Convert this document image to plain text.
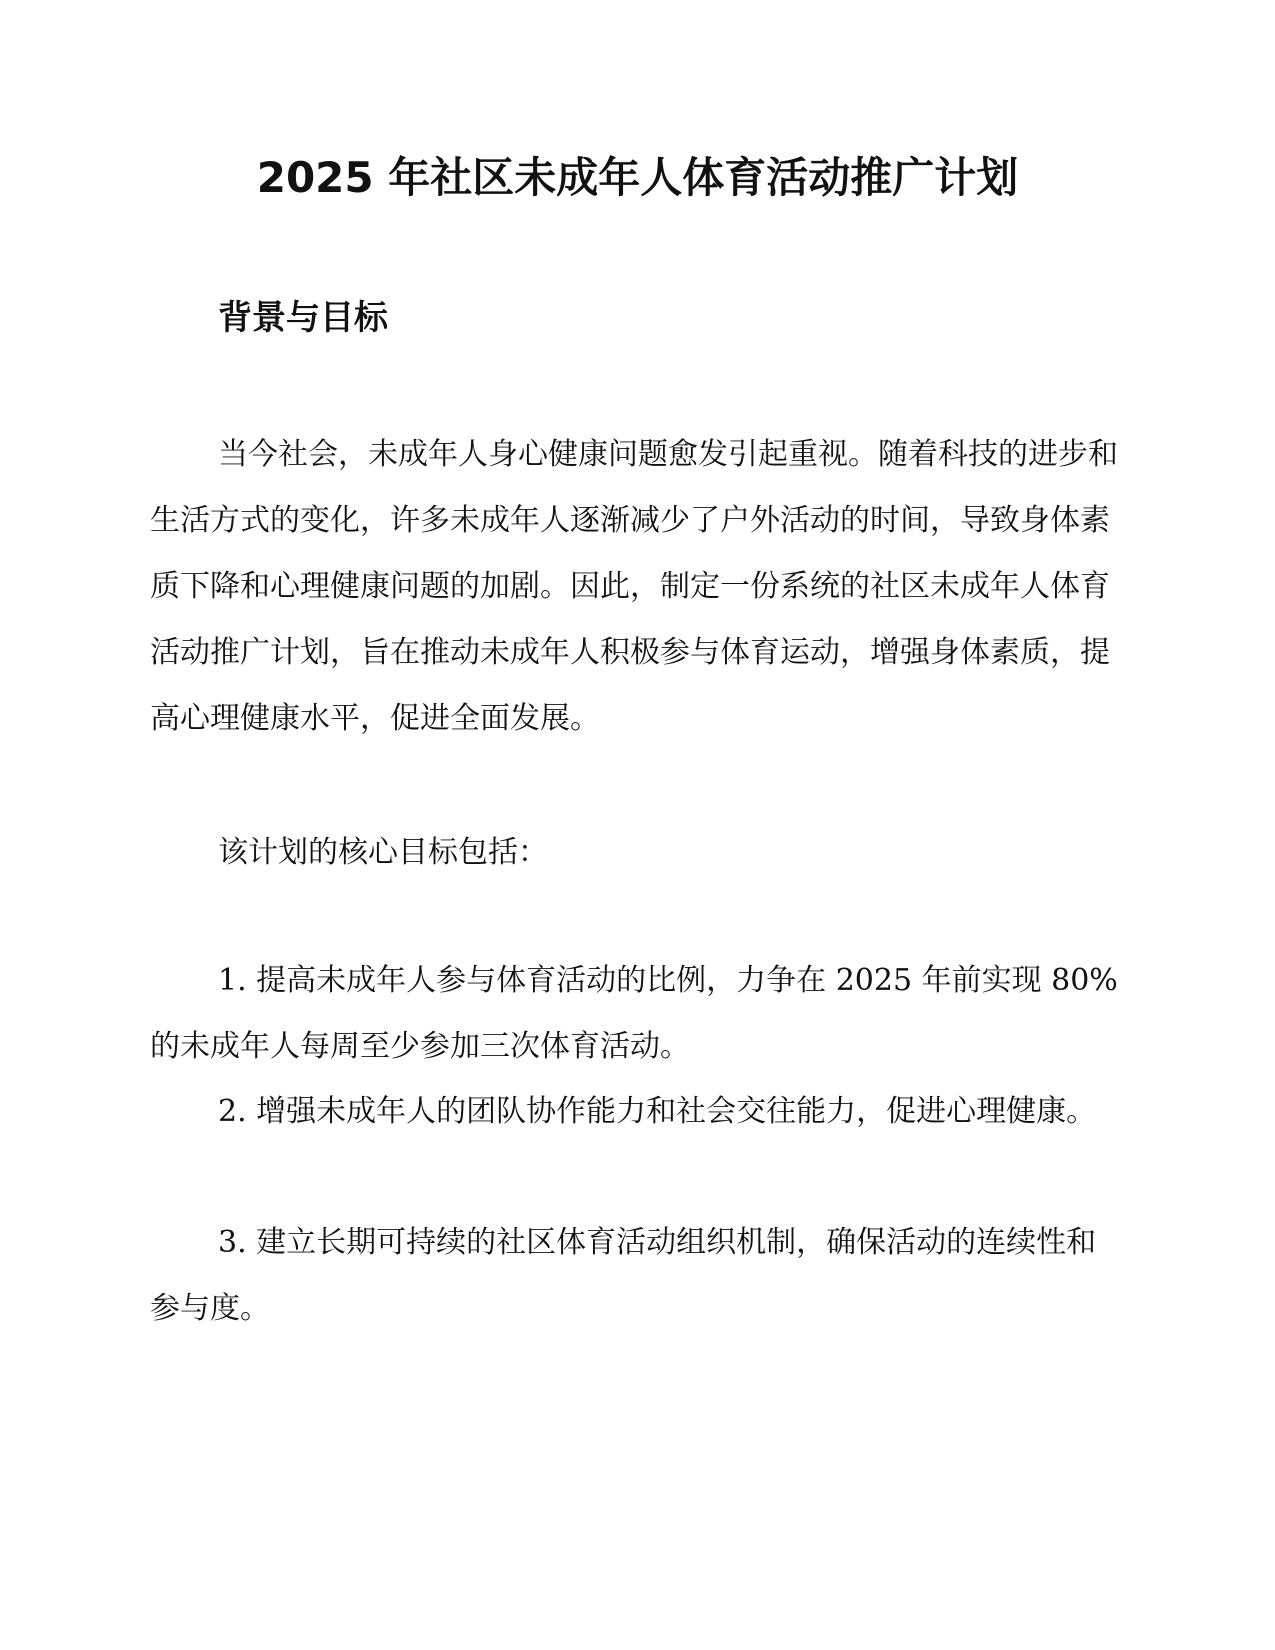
2025 年社区未成年人体育活动推广计划
背景与目标

当今社会，未成年人身心健康问题愈发引起重视。随着科技的进步和生活方式的变化，许多未成年人逐渐减少了户外活动的时间，导致身体素质下降和心理健康问题的加剧。因此，制定一份系统的社区未成年人体育活动推广计划，旨在推动未成年人积极参与体育运动，增强身体素质，提高心理健康水平，促进全面发展。

该计划的核心目标包括：

1. 提高未成年人参与体育活动的比例，力争在 2025 年前实现 80%的未成年人每周至少参加三次体育活动。

2. 增强未成年人的团队协作能力和社会交往能力，促进心理健康。

3. 建立长期可持续的社区体育活动组织机制，确保活动的连续性和参与度。
